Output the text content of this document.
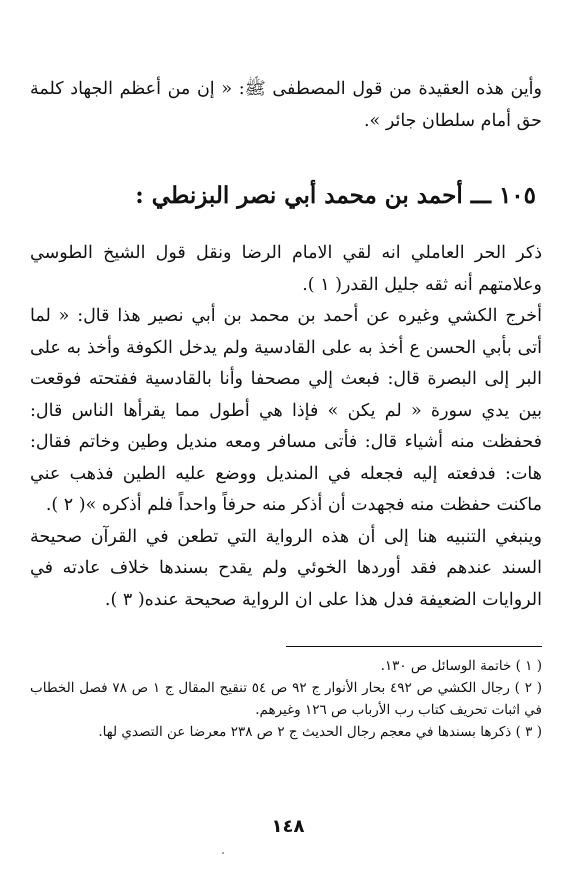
وأين هذه العقيدة من قول المصطفى ﷺ: « إن من أعظم الجهاد كلمة حق أمام سلطان جائر ».

١٠٥ ـــ أحمد بن محمد أبي نصر البزنطي :

ذكر الحر العاملي انه لقي الامام الرضا ونقل قول الشيخ الطوسي وعلامتهم أنه ثقه جليل القدر( ١ ).

أخرج الكشي وغيره عن أحمد بن محمد بن أبي نصير هذا قال: « لما أتى بأبي الحسن ع أخذ به على القادسية ولم يدخل الكوفة وأخذ به على البر إلى البصرة قال: فبعث إلي مصحفا وأنا بالقادسية ففتحته فوقعت بين يدي سورة « لم يكن » فإذا هي أطول مما يقرأها الناس قال: فحفظت منه أشياء قال: فأتى مسافر ومعه منديل وطين وخاتم فقال: هات: فدفعته إليه فجعله في المنديل ووضع عليه الطين فذهب عني ماكنت حفظت منه فجهدت أن أذكر منه حرفاً واحداً فلم أذكره »( ٢ ).

وينبغي التنبيه هنا إلى أن هذه الرواية التي تطعن في القرآن صحيحة السند عندهم فقد أوردها الخوئي ولم يقدح بسندها خلاف عادته في الروايات الضعيفة فدل هذا على ان الرواية صحيحة عنده( ٣ ).

( ١ ) خاتمة الوسائل ص ١٣٠.
( ٢ ) رجال الكشي ص ٤٩٢ بحار الأنوار ج ٩٢ ص ٥٤ تنقيح المقال ج ١ ص ٧٨ فصل الخطاب في اثبات تحريف كتاب رب الأرباب ص ١٢٦ وغيرهم.
( ٣ ) ذكرها بسندها في معجم رجال الحديث ج ٢ ص ٢٣٨ معرضا عن التصدي لها.
١٤٨
